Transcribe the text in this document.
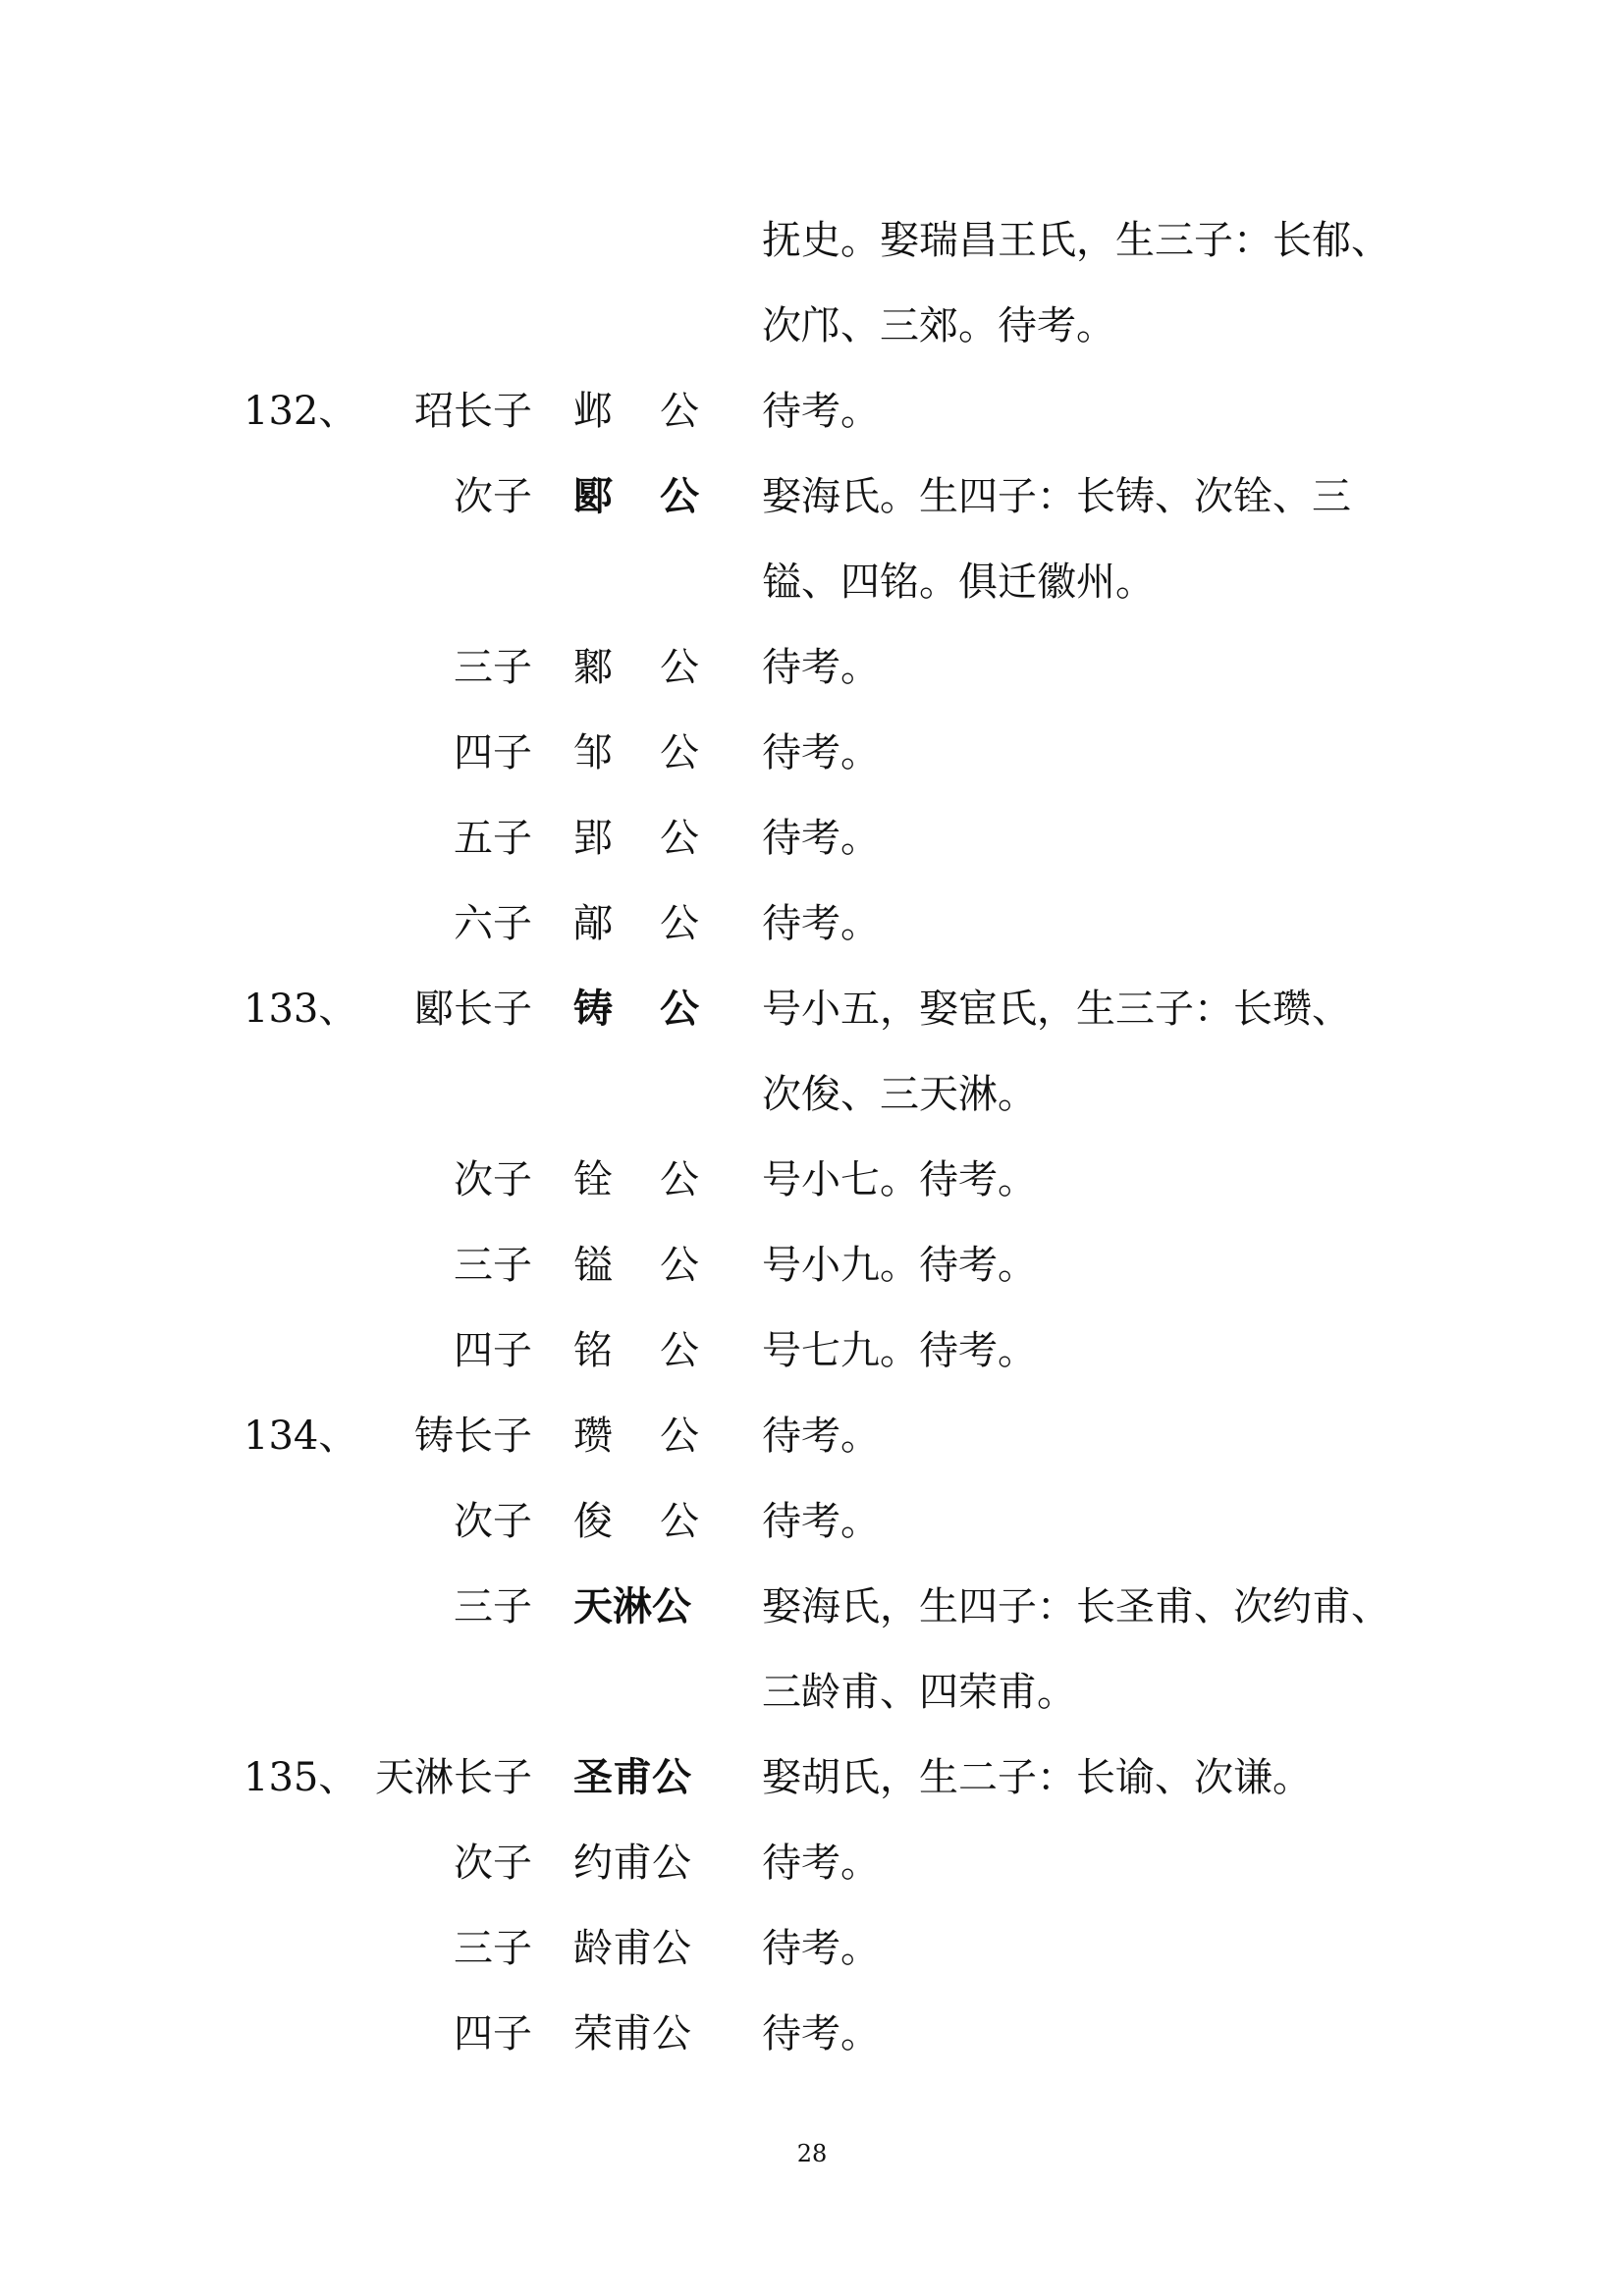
抚史。娶瑞昌王氏，生三子：长郁、
次邝、三郊。待考。
132、	玿长子 邺公 待考。
次子 郾公 娶海氏。生四子：长铸、次铨、三
镒、四铭。俱迁徽州。
三子 鄹公 待考。
四子 邹公 待考。
五子 郢公 待考。
六子 鄗公 待考。
133、	郾长子 铸公 号小五，娶宦氏，生三子：长瓒、
次俊、三天淋。
次子 铨公 号小七。待考。
三子 镒公 号小九。待考。
四子 铭公 号七九。待考。
134、	铸长子 瓒公 待考。
次子 俊公 待考。
三子 天淋公	娶海氏，生四子：长圣甫、次约甫、
三龄甫、四荣甫。
135、 天淋长子 圣甫公	娶胡氏，生二子：长谕、次谦。
次子 约甫公	待考。
三子 龄甫公	待考。
四子 荣甫公	待考。
28
